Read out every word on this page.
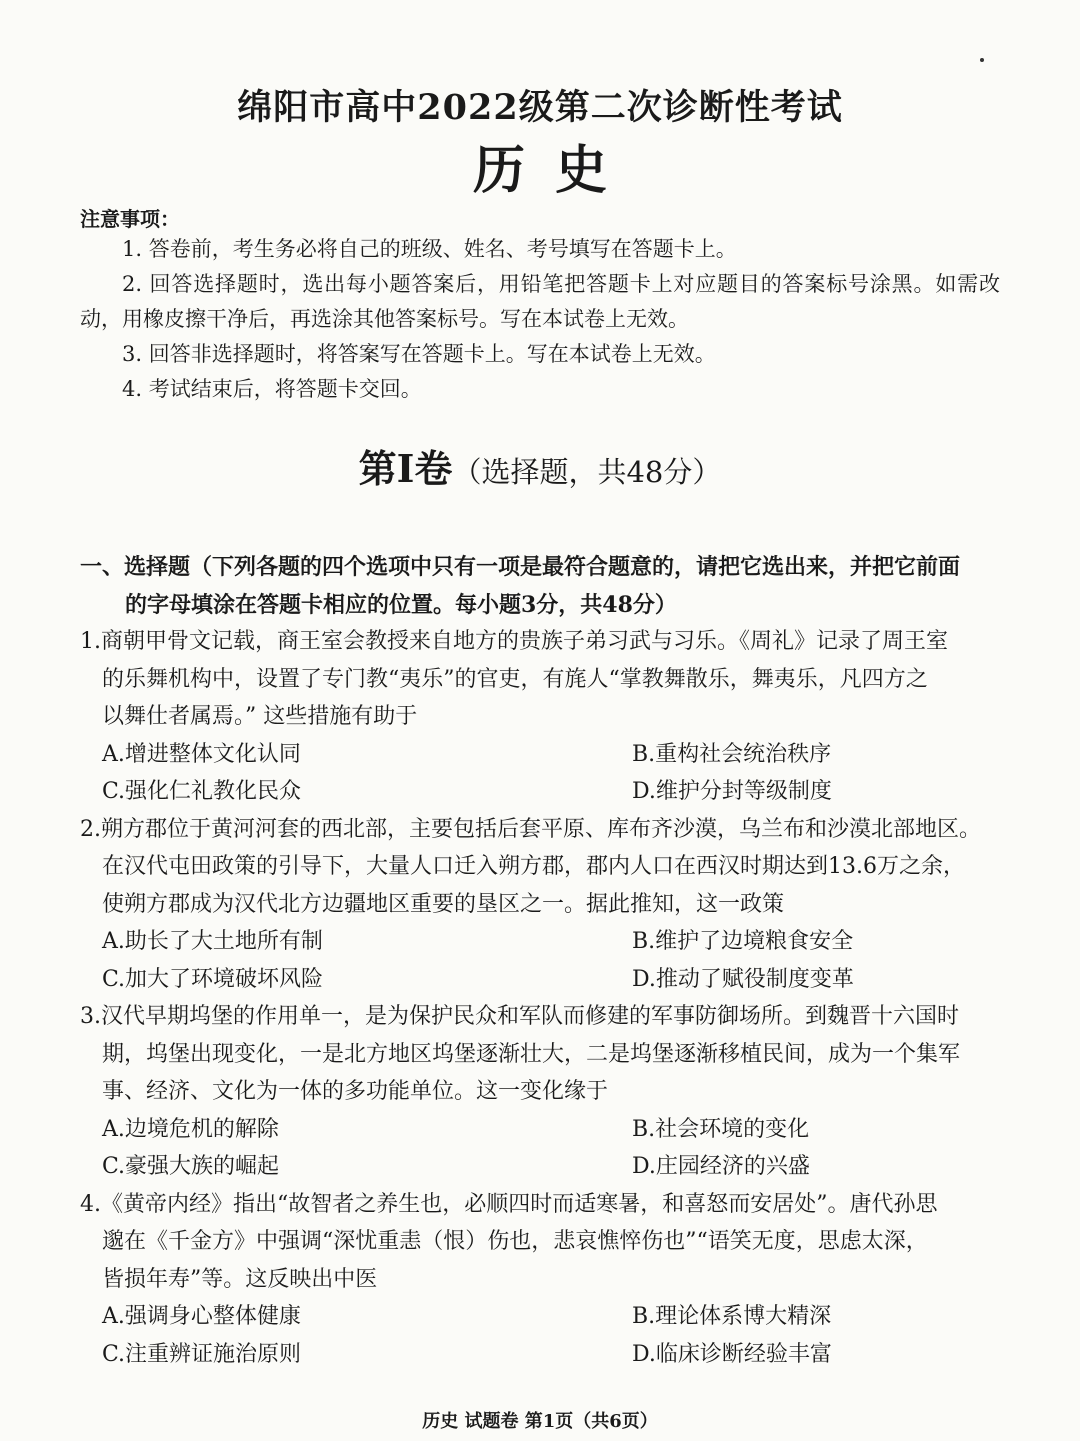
绵阳市高中2022级第二次诊断性考试
历史
注意事项：
1. 答卷前，考生务必将自己的班级、姓名、考号填写在答题卡上。
2. 回答选择题时，选出每小题答案后，用铅笔把答题卡上对应题目的答案标号涂黑。如需改动，用橡皮擦干净后，再选涂其他答案标号。写在本试卷上无效。
3. 回答非选择题时，将答案写在答题卡上。写在本试卷上无效。
4. 考试结束后，将答题卡交回。
第Ⅰ卷（选择题，共48分）
一、选择题（下列各题的四个选项中只有一项是最符合题意的，请把它选出来，并把它前面
的字母填涂在答题卡相应的位置。每小题3分，共48分）
1.商朝甲骨文记载，商王室会教授来自地方的贵族子弟习武与习乐。《周礼》记录了周王室
的乐舞机构中，设置了专门教“夷乐”的官吏，有旄人“掌教舞散乐，舞夷乐，凡四方之
以舞仕者属焉。” 这些措施有助于
A.增进整体文化认同	B.重构社会统治秩序
C.强化仁礼教化民众	D.维护分封等级制度
2.朔方郡位于黄河河套的西北部，主要包括后套平原、库布齐沙漠，乌兰布和沙漠北部地区。
在汉代屯田政策的引导下，大量人口迁入朔方郡，郡内人口在西汉时期达到13.6万之余，
使朔方郡成为汉代北方边疆地区重要的垦区之一。据此推知，这一政策
A.助长了大土地所有制	B.维护了边境粮食安全
C.加大了环境破坏风险	D.推动了赋役制度变革
3.汉代早期坞堡的作用单一，是为保护民众和军队而修建的军事防御场所。到魏晋十六国时
期，坞堡出现变化，一是北方地区坞堡逐渐壮大，二是坞堡逐渐移植民间，成为一个集军
事、经济、文化为一体的多功能单位。这一变化缘于
A.边境危机的解除	B.社会环境的变化
C.豪强大族的崛起	D.庄园经济的兴盛
4.《黄帝内经》指出“故智者之养生也，必顺四时而适寒暑，和喜怒而安居处”。唐代孙思
邈在《千金方》中强调“深忧重恚（恨）伤也，悲哀憔悴伤也”“语笑无度，思虑太深，
皆损年寿”等。这反映出中医
A.强调身心整体健康	B.理论体系博大精深
C.注重辨证施治原则	D.临床诊断经验丰富
历史 试题卷 第1页（共6页）
